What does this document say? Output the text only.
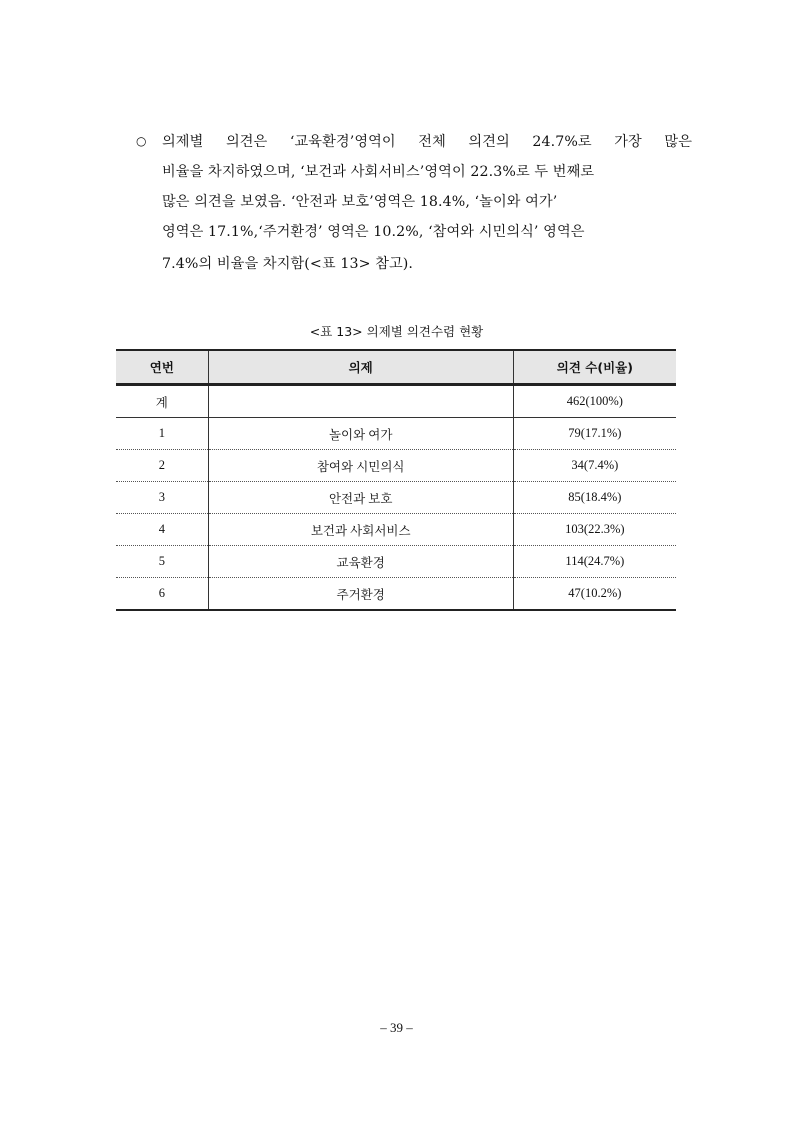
○ 의제별 의견은 ‘교육환경’영역이 전체 의견의 24.7%로 가장 많은
비율을 차지하였으며, ‘보건과 사회서비스’영역이 22.3%로 두 번째로
많은 의견을 보였음. ‘안전과 보호’영역은 18.4%, ‘놀이와 여가’
영역은 17.1%,‘주거환경’ 영역은 10.2%, ‘참여와 시민의식’ 영역은
7.4%의 비율을 차지함(<표 13> 참고).
<표 13> 의제별 의견수렴 현황
연번	의제	의견 수(비율)
계		462(100%)
1	놀이와 여가	79(17.1%)
2	참여와 시민의식	34(7.4%)
3	안전과 보호	85(18.4%)
4	보건과 사회서비스	103(22.3%)
5	교육환경	114(24.7%)
6	주거환경	47(10.2%)
– 39 –
